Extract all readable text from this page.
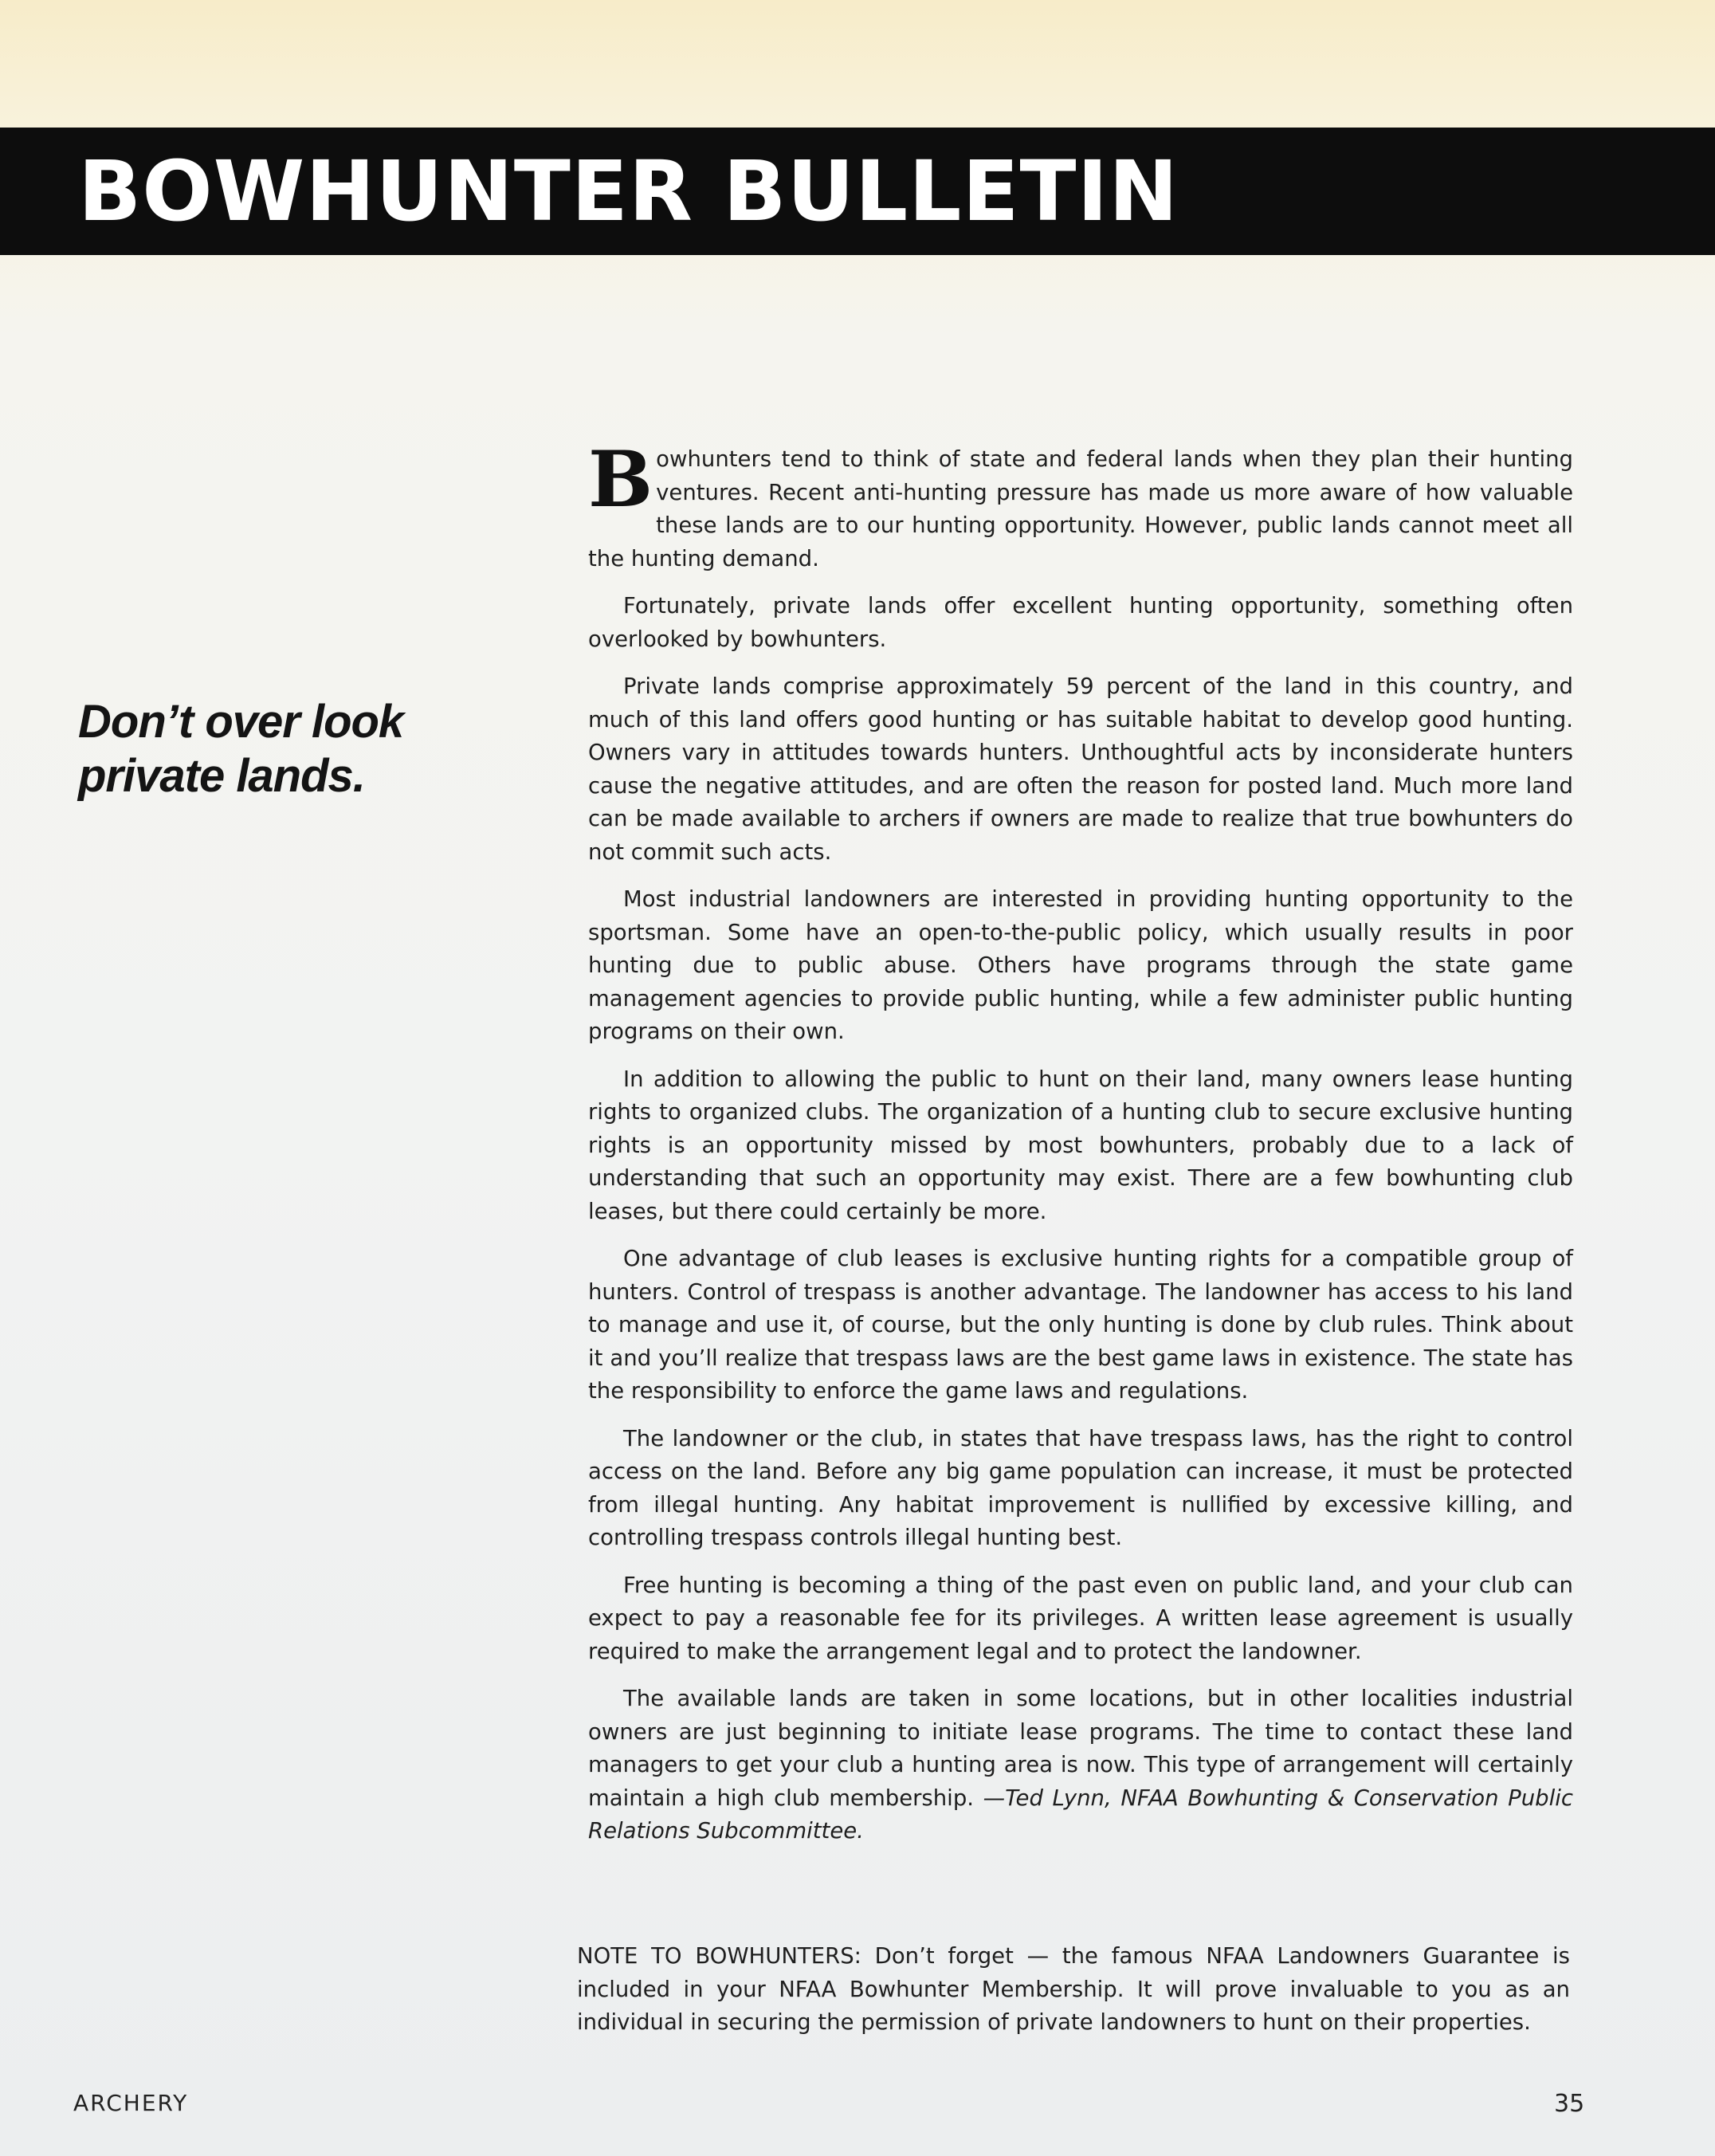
BOWHUNTER BULLETIN
Don’t over look
private lands.

Bowhunters tend to think of state and federal lands when they plan their hunting ventures. Recent anti-hunting pressure has made us more aware of how valuable these lands are to our hunting opportunity. However, public lands cannot meet all the hunting demand.

Fortunately, private lands offer excellent hunting opportunity, something often overlooked by bowhunters.

Private lands comprise approximately 59 percent of the land in this country, and much of this land offers good hunting or has suitable habitat to develop good hunting. Owners vary in attitudes towards hunters. Unthoughtful acts by inconsiderate hunters cause the negative attitudes, and are often the reason for posted land. Much more land can be made available to archers if owners are made to realize that true bowhunters do not commit such acts.

Most industrial landowners are interested in providing hunting opportunity to the sportsman. Some have an open-to-the-public policy, which usually results in poor hunting due to public abuse. Others have programs through the state game management agencies to provide public hunting, while a few administer public hunting programs on their own.

In addition to allowing the public to hunt on their land, many owners lease hunting rights to organized clubs. The organization of a hunting club to secure exclusive hunting rights is an opportunity missed by most bowhunters, probably due to a lack of understanding that such an opportunity may exist. There are a few bowhunting club leases, but there could certainly be more.

One advantage of club leases is exclusive hunting rights for a compatible group of hunters. Control of trespass is another advantage. The landowner has access to his land to manage and use it, of course, but the only hunting is done by club rules. Think about it and you’ll realize that trespass laws are the best game laws in existence. The state has the responsibility to enforce the game laws and regulations.

The landowner or the club, in states that have trespass laws, has the right to control access on the land. Before any big game population can increase, it must be protected from illegal hunting. Any habitat improvement is nullified by excessive killing, and controlling trespass controls illegal hunting best.

Free hunting is becoming a thing of the past even on public land, and your club can expect to pay a reasonable fee for its privileges. A written lease agreement is usually required to make the arrangement legal and to protect the landowner.

The available lands are taken in some locations, but in other localities industrial owners are just beginning to initiate lease programs. The time to contact these land managers to get your club a hunting area is now. This type of arrangement will certainly maintain a high club membership. —Ted Lynn, NFAA Bowhunting & Conservation Public Relations Subcommittee.

NOTE TO BOWHUNTERS: Don’t forget — the famous NFAA Landowners Guarantee is included in your NFAA Bowhunter Membership. It will prove invaluable to you as an individual in securing the permission of private landowners to hunt on their properties.

ARCHERY	35
